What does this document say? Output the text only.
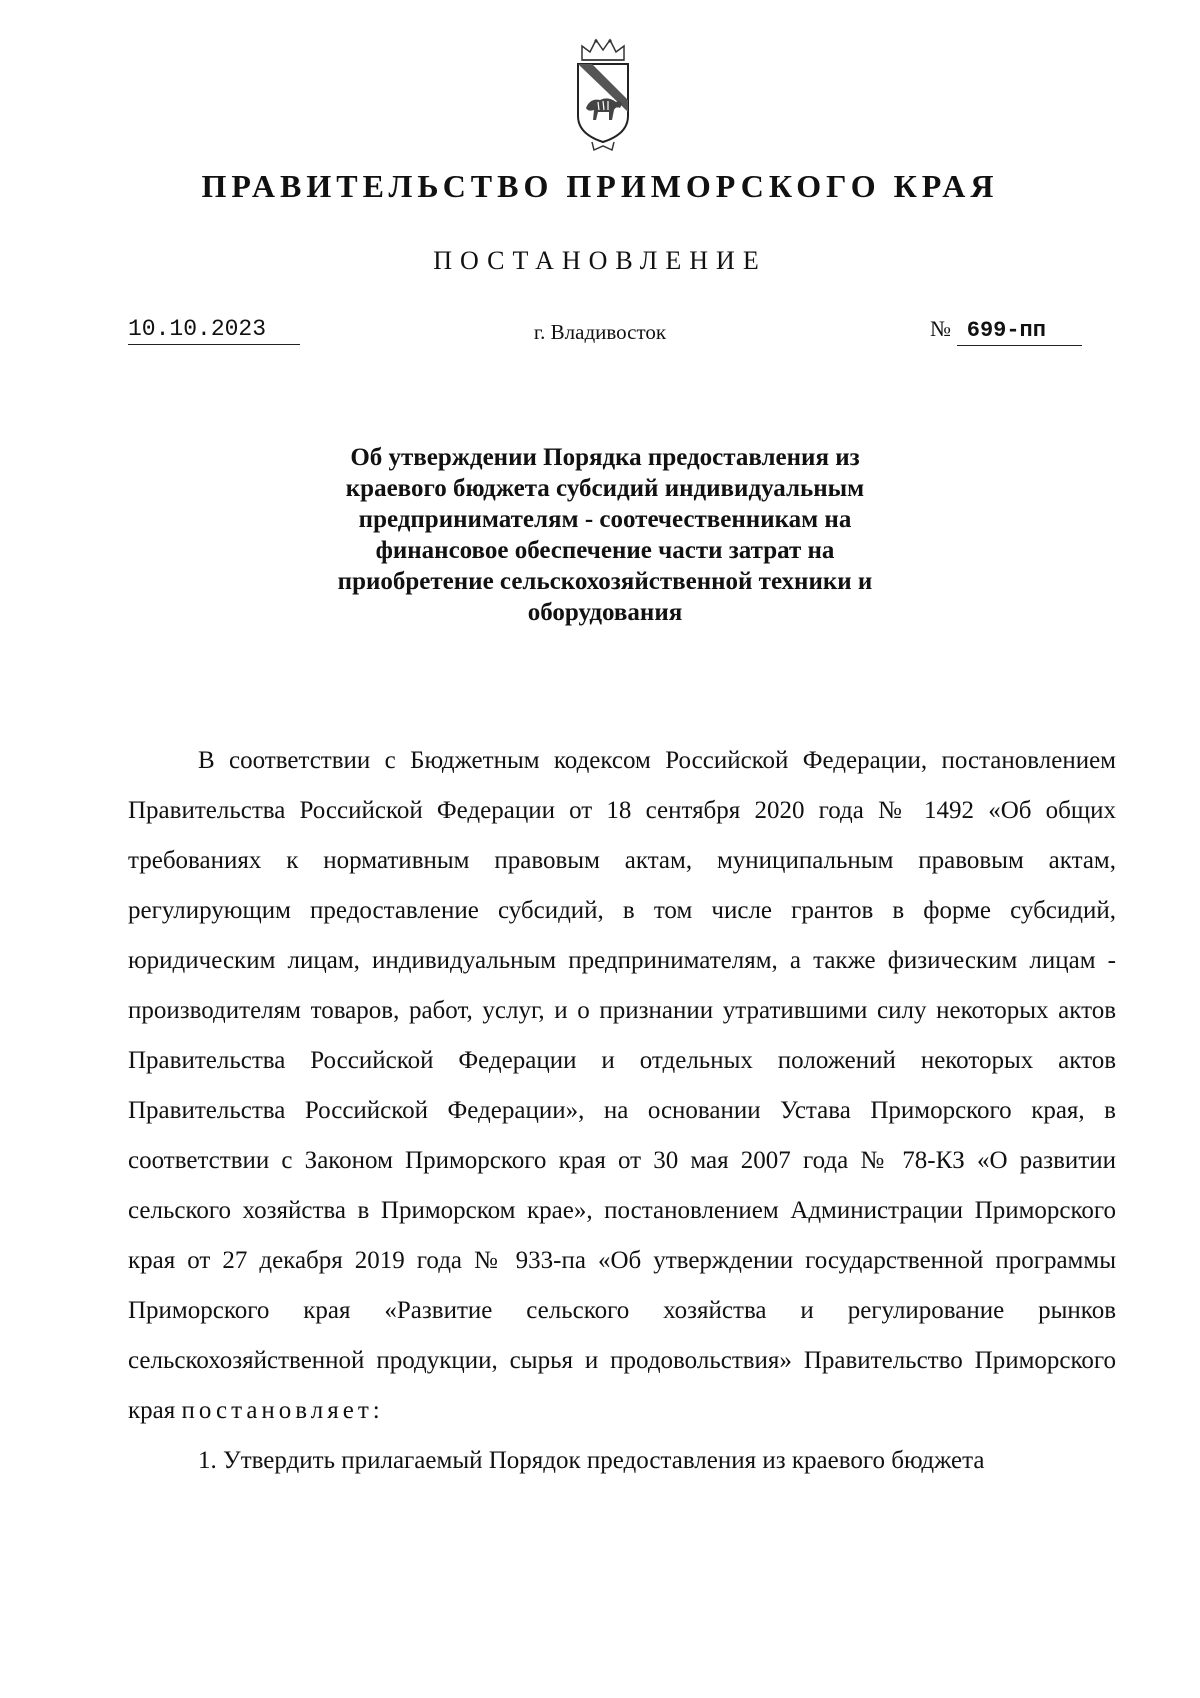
ПРАВИТЕЛЬСТВО ПРИМОРСКОГО КРАЯ
ПОСТАНОВЛЕНИЕ
10.10.2023	г. Владивосток	№ 699-пп
Об утверждении Порядка предоставления из краевого бюджета субсидий индивидуальным предпринимателям - соотечественникам на финансовое обеспечение части затрат на приобретение сельскохозяйственной техники и оборудования

В соответствии с Бюджетным кодексом Российской Федерации, постановлением Правительства Российской Федерации от 18 сентября 2020 года № 1492 «Об общих требованиях к нормативным правовым актам, муниципальным правовым актам, регулирующим предоставление субсидий, в том числе грантов в форме субсидий, юридическим лицам, индивидуальным предпринимателям, а также физическим лицам - производителям товаров, работ, услуг, и о признании утратившими силу некоторых актов Правительства Российской Федерации и отдельных положений некоторых актов Правительства Российской Федерации», на основании Устава Приморского края, в соответствии с Законом Приморского края от 30 мая 2007 года № 78-КЗ «О развитии сельского хозяйства в Приморском крае», постановлением Администрации Приморского края от 27 декабря 2019 года № 933-па «Об утверждении государственной программы Приморского края «Развитие сельского хозяйства и регулирование рынков сельскохозяйственной продукции, сырья и продовольствия» Правительство Приморского края постановляет:

1. Утвердить прилагаемый Порядок предоставления из краевого бюджета
